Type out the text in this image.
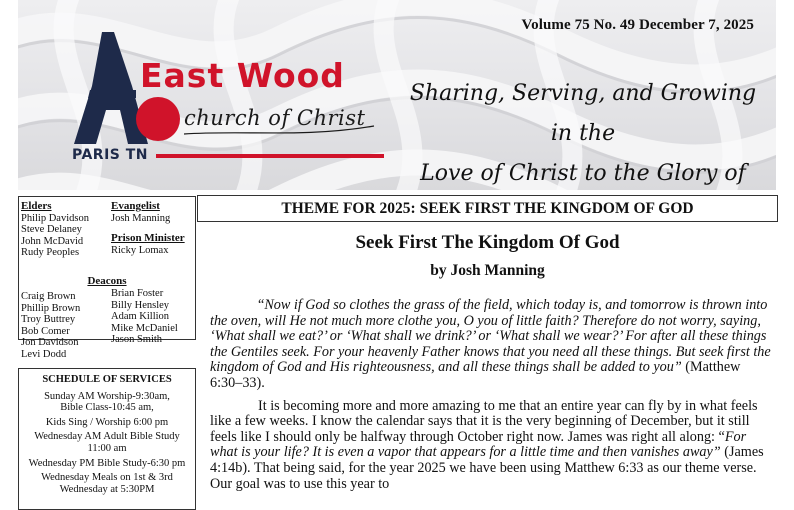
Volume 75 No. 49 December 7, 2025
East Wood
church of Christ
PARIS TN
Sharing, Serving, and Growing in the
Love of Christ to the Glory of
Elders
Philip Davidson
Steve Delaney
John McDavid
Rudy Peoples
Evangelist
Josh Manning
Prison Minister
Ricky Lomax
Deacons
Craig Brown
Phillip Brown
Troy Buttrey
Bob Comer
Jon Davidson
Levi Dodd
Brian Foster
Billy Hensley
Adam Killion
Mike McDaniel
Jason Smith
SCHEDULE OF SERVICES

Sunday AM Worship-9:30am,
Bible Class-10:45 am,

Kids Sing / Worship 6:00 pm

Wednesday AM Adult Bible Study
11:00 am

Wednesday PM Bible Study-6:30 pm

Wednesday Meals on 1st & 3rd
Wednesday at 5:30PM

THEME FOR 2025: SEEK FIRST THE KINGDOM OF GOD
Seek First The Kingdom Of God
by Josh Manning

“Now if God so clothes the grass of the field, which today is, and tomorrow is thrown into the oven, will He not much more clothe you, O you of little faith? Therefore do not worry, saying, ‘What shall we eat?’ or ‘What shall we drink?’ or ‘What shall we wear?’ For after all these things the Gentiles seek. For your heavenly Father knows that you need all these things. But seek first the kingdom of God and His righteousness, and all these things shall be added to you” (Matthew 6:30–33).

It is becoming more and more amazing to me that an entire year can fly by in what feels like a few weeks. I know the calendar says that it is the very beginning of December, but it still feels like I should only be halfway through October right now. James was right all along: “For what is your life? It is even a vapor that appears for a little time and then vanishes away” (James 4:14b). That being said, for the year 2025 we have been using Matthew 6:33 as our theme verse. Our goal was to use this year to
